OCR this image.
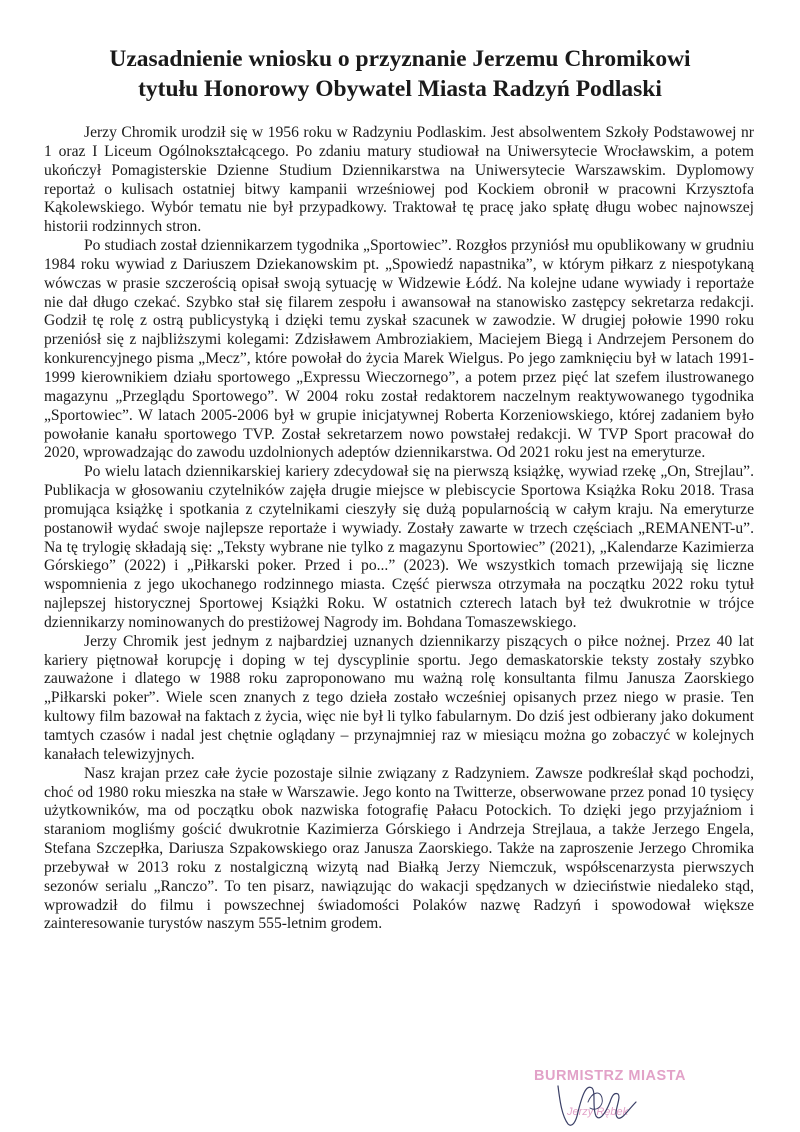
Uzasadnienie wniosku o przyznanie Jerzemu Chromikowi
tytułu Honorowy Obywatel Miasta Radzyń Podlaski

Jerzy Chromik urodził się w 1956 roku w Radzyniu Podlaskim. Jest absolwentem Szkoły Podstawowej nr 1 oraz I Liceum Ogólnokształcącego. Po zdaniu matury studiował na Uniwersytecie Wrocławskim, a potem ukończył Pomagisterskie Dzienne Studium Dziennikarstwa na Uniwersytecie Warszawskim. Dyplomowy reportaż o kulisach ostatniej bitwy kampanii wrześniowej pod Kockiem obronił w pracowni Krzysztofa Kąkolewskiego. Wybór tematu nie był przypadkowy. Traktował tę pracę jako spłatę długu wobec najnowszej historii rodzinnych stron.

Po studiach został dziennikarzem tygodnika „Sportowiec”. Rozgłos przyniósł mu opublikowany w grudniu 1984 roku wywiad z Dariuszem Dziekanowskim pt. „Spowiedź napastnika”, w którym piłkarz z niespotykaną wówczas w prasie szczerością opisał swoją sytuację w Widzewie Łódź. Na kolejne udane wywiady i reportaże nie dał długo czekać. Szybko stał się filarem zespołu i awansował na stanowisko zastępcy sekretarza redakcji. Godził tę rolę z ostrą publicystyką i dzięki temu zyskał szacunek w zawodzie. W drugiej połowie 1990 roku przeniósł się z najbliższymi kolegami: Zdzisławem Ambroziakiem, Maciejem Biegą i Andrzejem Personem do konkurencyjnego pisma „Mecz”, które powołał do życia Marek Wielgus. Po jego zamknięciu był w latach 1991-1999 kierownikiem działu sportowego „Expressu Wieczornego”, a potem przez pięć lat szefem ilustrowanego magazynu „Przeglądu Sportowego”. W 2004 roku został redaktorem naczelnym reaktywowanego tygodnika „Sportowiec”. W latach 2005-2006 był w grupie inicjatywnej Roberta Korzeniowskiego, której zadaniem było powołanie kanału sportowego TVP. Został sekretarzem nowo powstałej redakcji. W TVP Sport pracował do 2020, wprowadzając do zawodu uzdolnionych adeptów dziennikarstwa. Od 2021 roku jest na emeryturze.

Po wielu latach dziennikarskiej kariery zdecydował się na pierwszą książkę, wywiad rzekę „On, Strejlau”. Publikacja w głosowaniu czytelników zajęła drugie miejsce w plebiscycie Sportowa Książka Roku 2018. Trasa promująca książkę i spotkania z czytelnikami cieszyły się dużą popularnością w całym kraju. Na emeryturze postanowił wydać swoje najlepsze reportaże i wywiady. Zostały zawarte w trzech częściach „REMANENT-u”. Na tę trylogię składają się: „Teksty wybrane nie tylko z magazynu Sportowiec” (2021), „Kalendarze Kazimierza Górskiego” (2022) i „Piłkarski poker. Przed i po...” (2023). We wszystkich tomach przewijają się liczne wspomnienia z jego ukochanego rodzinnego miasta. Część pierwsza otrzymała na początku 2022 roku tytuł najlepszej historycznej Sportowej Książki Roku. W ostatnich czterech latach był też dwukrotnie w trójce dziennikarzy nominowanych do prestiżowej Nagrody im. Bohdana Tomaszewskiego.

Jerzy Chromik jest jednym z najbardziej uznanych dziennikarzy piszących o piłce nożnej. Przez 40 lat kariery piętnował korupcję i doping w tej dyscyplinie sportu. Jego demaskatorskie teksty zostały szybko zauważone i dlatego w 1988 roku zaproponowano mu ważną rolę konsultanta filmu Janusza Zaorskiego „Piłkarski poker”. Wiele scen znanych z tego dzieła zostało wcześniej opisanych przez niego w prasie. Ten kultowy film bazował na faktach z życia, więc nie był li tylko fabularnym. Do dziś jest odbierany jako dokument tamtych czasów i nadal jest chętnie oglądany – przynajmniej raz w miesiącu można go zobaczyć w kolejnych kanałach telewizyjnych.

Nasz krajan przez całe życie pozostaje silnie związany z Radzyniem. Zawsze podkreślał skąd pochodzi, choć od 1980 roku mieszka na stałe w Warszawie. Jego konto na Twitterze, obserwowane przez ponad 10 tysięcy użytkowników, ma od początku obok nazwiska fotografię Pałacu Potockich. To dzięki jego przyjaźniom i staraniom mogliśmy gościć dwukrotnie Kazimierza Górskiego i Andrzeja Strejlaua, a także Jerzego Engela, Stefana Szczepłka, Dariusza Szpakowskiego oraz Janusza Zaorskiego. Także na zaproszenie Jerzego Chromika przebywał w 2013 roku z nostalgiczną wizytą nad Białką Jerzy Niemczuk, współscenarzysta pierwszych sezonów serialu „Ranczo”. To ten pisarz, nawiązując do wakacji spędzanych w dzieciństwie niedaleko stąd, wprowadził do filmu i powszechnej świadomości Polaków nazwę Radzyń i spowodował większe zainteresowanie turystów naszym 555-letnim grodem.

BURMISTRZ MIASTA
Jerzy Rębek
